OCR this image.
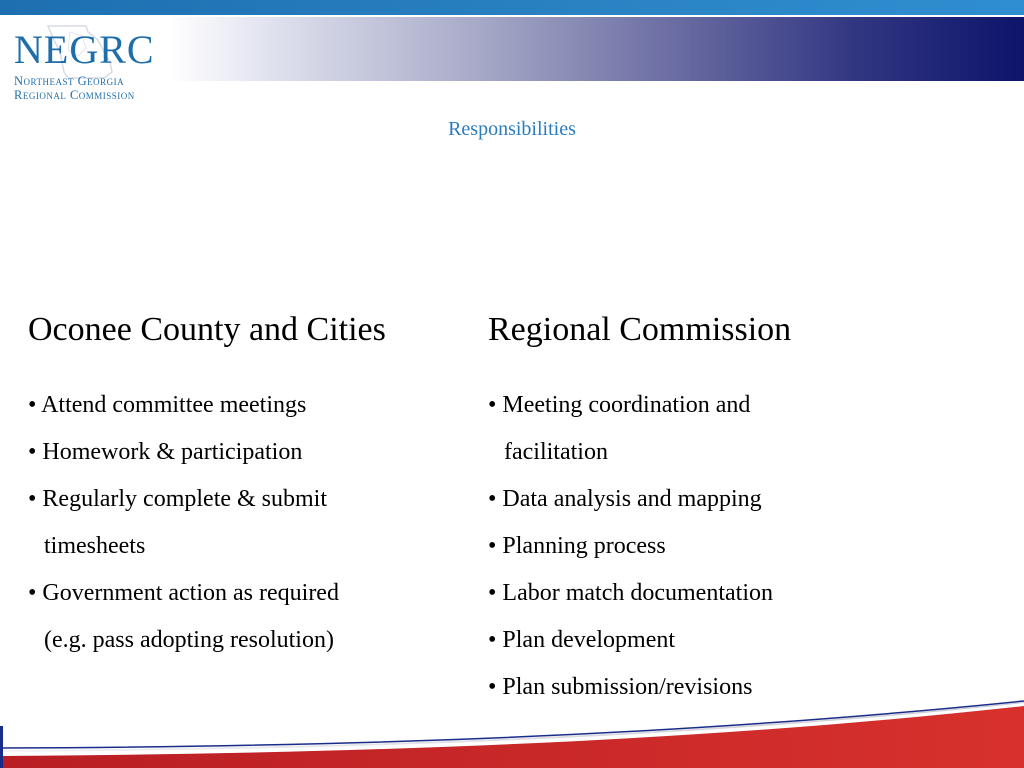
NEGRC
Northeast Georgia
Regional Commission
Responsibilities
Oconee County and Cities
• Attend committee meetings
• Homework & participation
• Regularly complete & submit
timesheets
• Government action as required
(e.g. pass adopting resolution)
Regional Commission
• Meeting coordination and
facilitation
• Data analysis and mapping
• Planning process
• Labor match documentation
• Plan development
• Plan submission/revisions
